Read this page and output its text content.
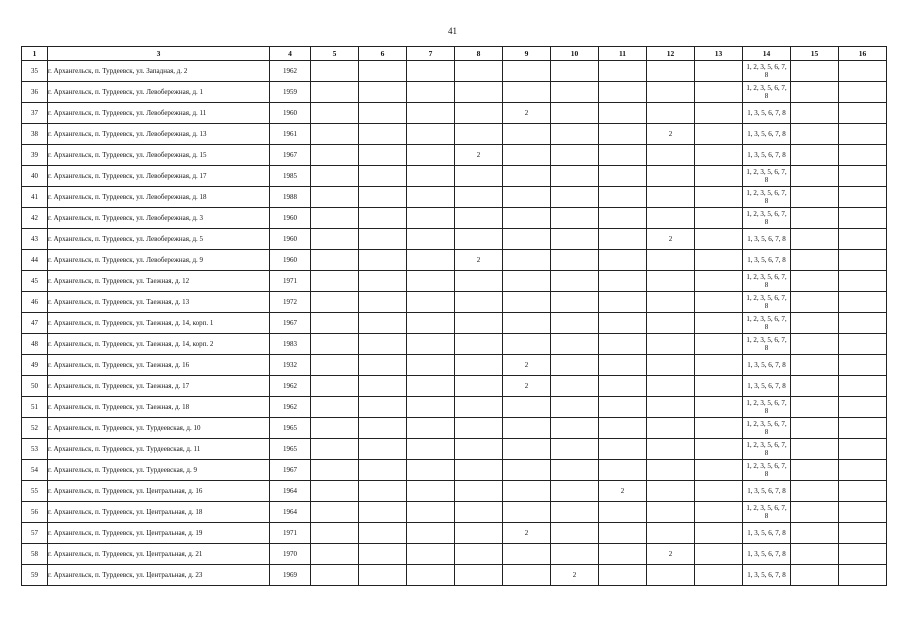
41
1	3	4	5	6	7	8	9	10	11	12	13	14	15	16
35	г. Архангельск, п. Турдеевск, ул. Западная, д. 2	1962										1, 2, 3, 5, 6, 7, 8		

36	г. Архангельск, п. Турдеевск, ул. Левобережная, д. 1	1959										1, 2, 3, 5, 6, 7, 8		

37	г. Архангельск, п. Турдеевск, ул. Левобережная, д. 11	1960					2					1, 3, 5, 6, 7, 8		

38	г. Архангельск, п. Турдеевск, ул. Левобережная, д. 13	1961								2		1, 3, 5, 6, 7, 8		

39	г. Архангельск, п. Турдеевск, ул. Левобережная, д. 15	1967				2						1, 3, 5, 6, 7, 8		

40	г. Архангельск, п. Турдеевск, ул. Левобережная, д. 17	1985										1, 2, 3, 5, 6, 7, 8		

41	г. Архангельск, п. Турдеевск, ул. Левобережная, д. 18	1988										1, 2, 3, 5, 6, 7, 8		

42	г. Архангельск, п. Турдеевск, ул. Левобережная, д. 3	1960										1, 2, 3, 5, 6, 7, 8		

43	г. Архангельск, п. Турдеевск, ул. Левобережная, д. 5	1960								2		1, 3, 5, 6, 7, 8		

44	г. Архангельск, п. Турдеевск, ул. Левобережная, д. 9	1960				2						1, 3, 5, 6, 7, 8		

45	г. Архангельск, п. Турдеевск, ул. Таежная, д. 12	1971										1, 2, 3, 5, 6, 7, 8		

46	г. Архангельск, п. Турдеевск, ул. Таежная, д. 13	1972										1, 2, 3, 5, 6, 7, 8		

47	г. Архангельск, п. Турдеевск, ул. Таежная, д. 14, корп. 1	1967										1, 2, 3, 5, 6, 7, 8		

48	г. Архангельск, п. Турдеевск, ул. Таежная, д. 14, корп. 2	1983										1, 2, 3, 5, 6, 7, 8		

49	г. Архангельск, п. Турдеевск, ул. Таежная, д. 16	1932					2					1, 3, 5, 6, 7, 8		

50	г. Архангельск, п. Турдеевск, ул. Таежная, д. 17	1962					2					1, 3, 5, 6, 7, 8		

51	г. Архангельск, п. Турдеевск, ул. Таежная, д. 18	1962										1, 2, 3, 5, 6, 7, 8		

52	г. Архангельск, п. Турдеевск, ул. Турдеевская, д. 10	1965										1, 2, 3, 5, 6, 7, 8		

53	г. Архангельск, п. Турдеевск, ул. Турдеевская, д. 11	1965										1, 2, 3, 5, 6, 7, 8		

54	г. Архангельск, п. Турдеевск, ул. Турдеевская, д. 9	1967										1, 2, 3, 5, 6, 7, 8		

55	г. Архангельск, п. Турдеевск, ул. Центральная, д. 16	1964							2			1, 3, 5, 6, 7, 8		

56	г. Архангельск, п. Турдеевск, ул. Центральная, д. 18	1964										1, 2, 3, 5, 6, 7, 8		

57	г. Архангельск, п. Турдеевск, ул. Центральная, д. 19	1971					2					1, 3, 5, 6, 7, 8		

58	г. Архангельск, п. Турдеевск, ул. Центральная, д. 21	1970								2		1, 3, 5, 6, 7, 8		

59	г. Архангельск, п. Турдеевск, ул. Центральная, д. 23	1969						2				1, 3, 5, 6, 7, 8		
